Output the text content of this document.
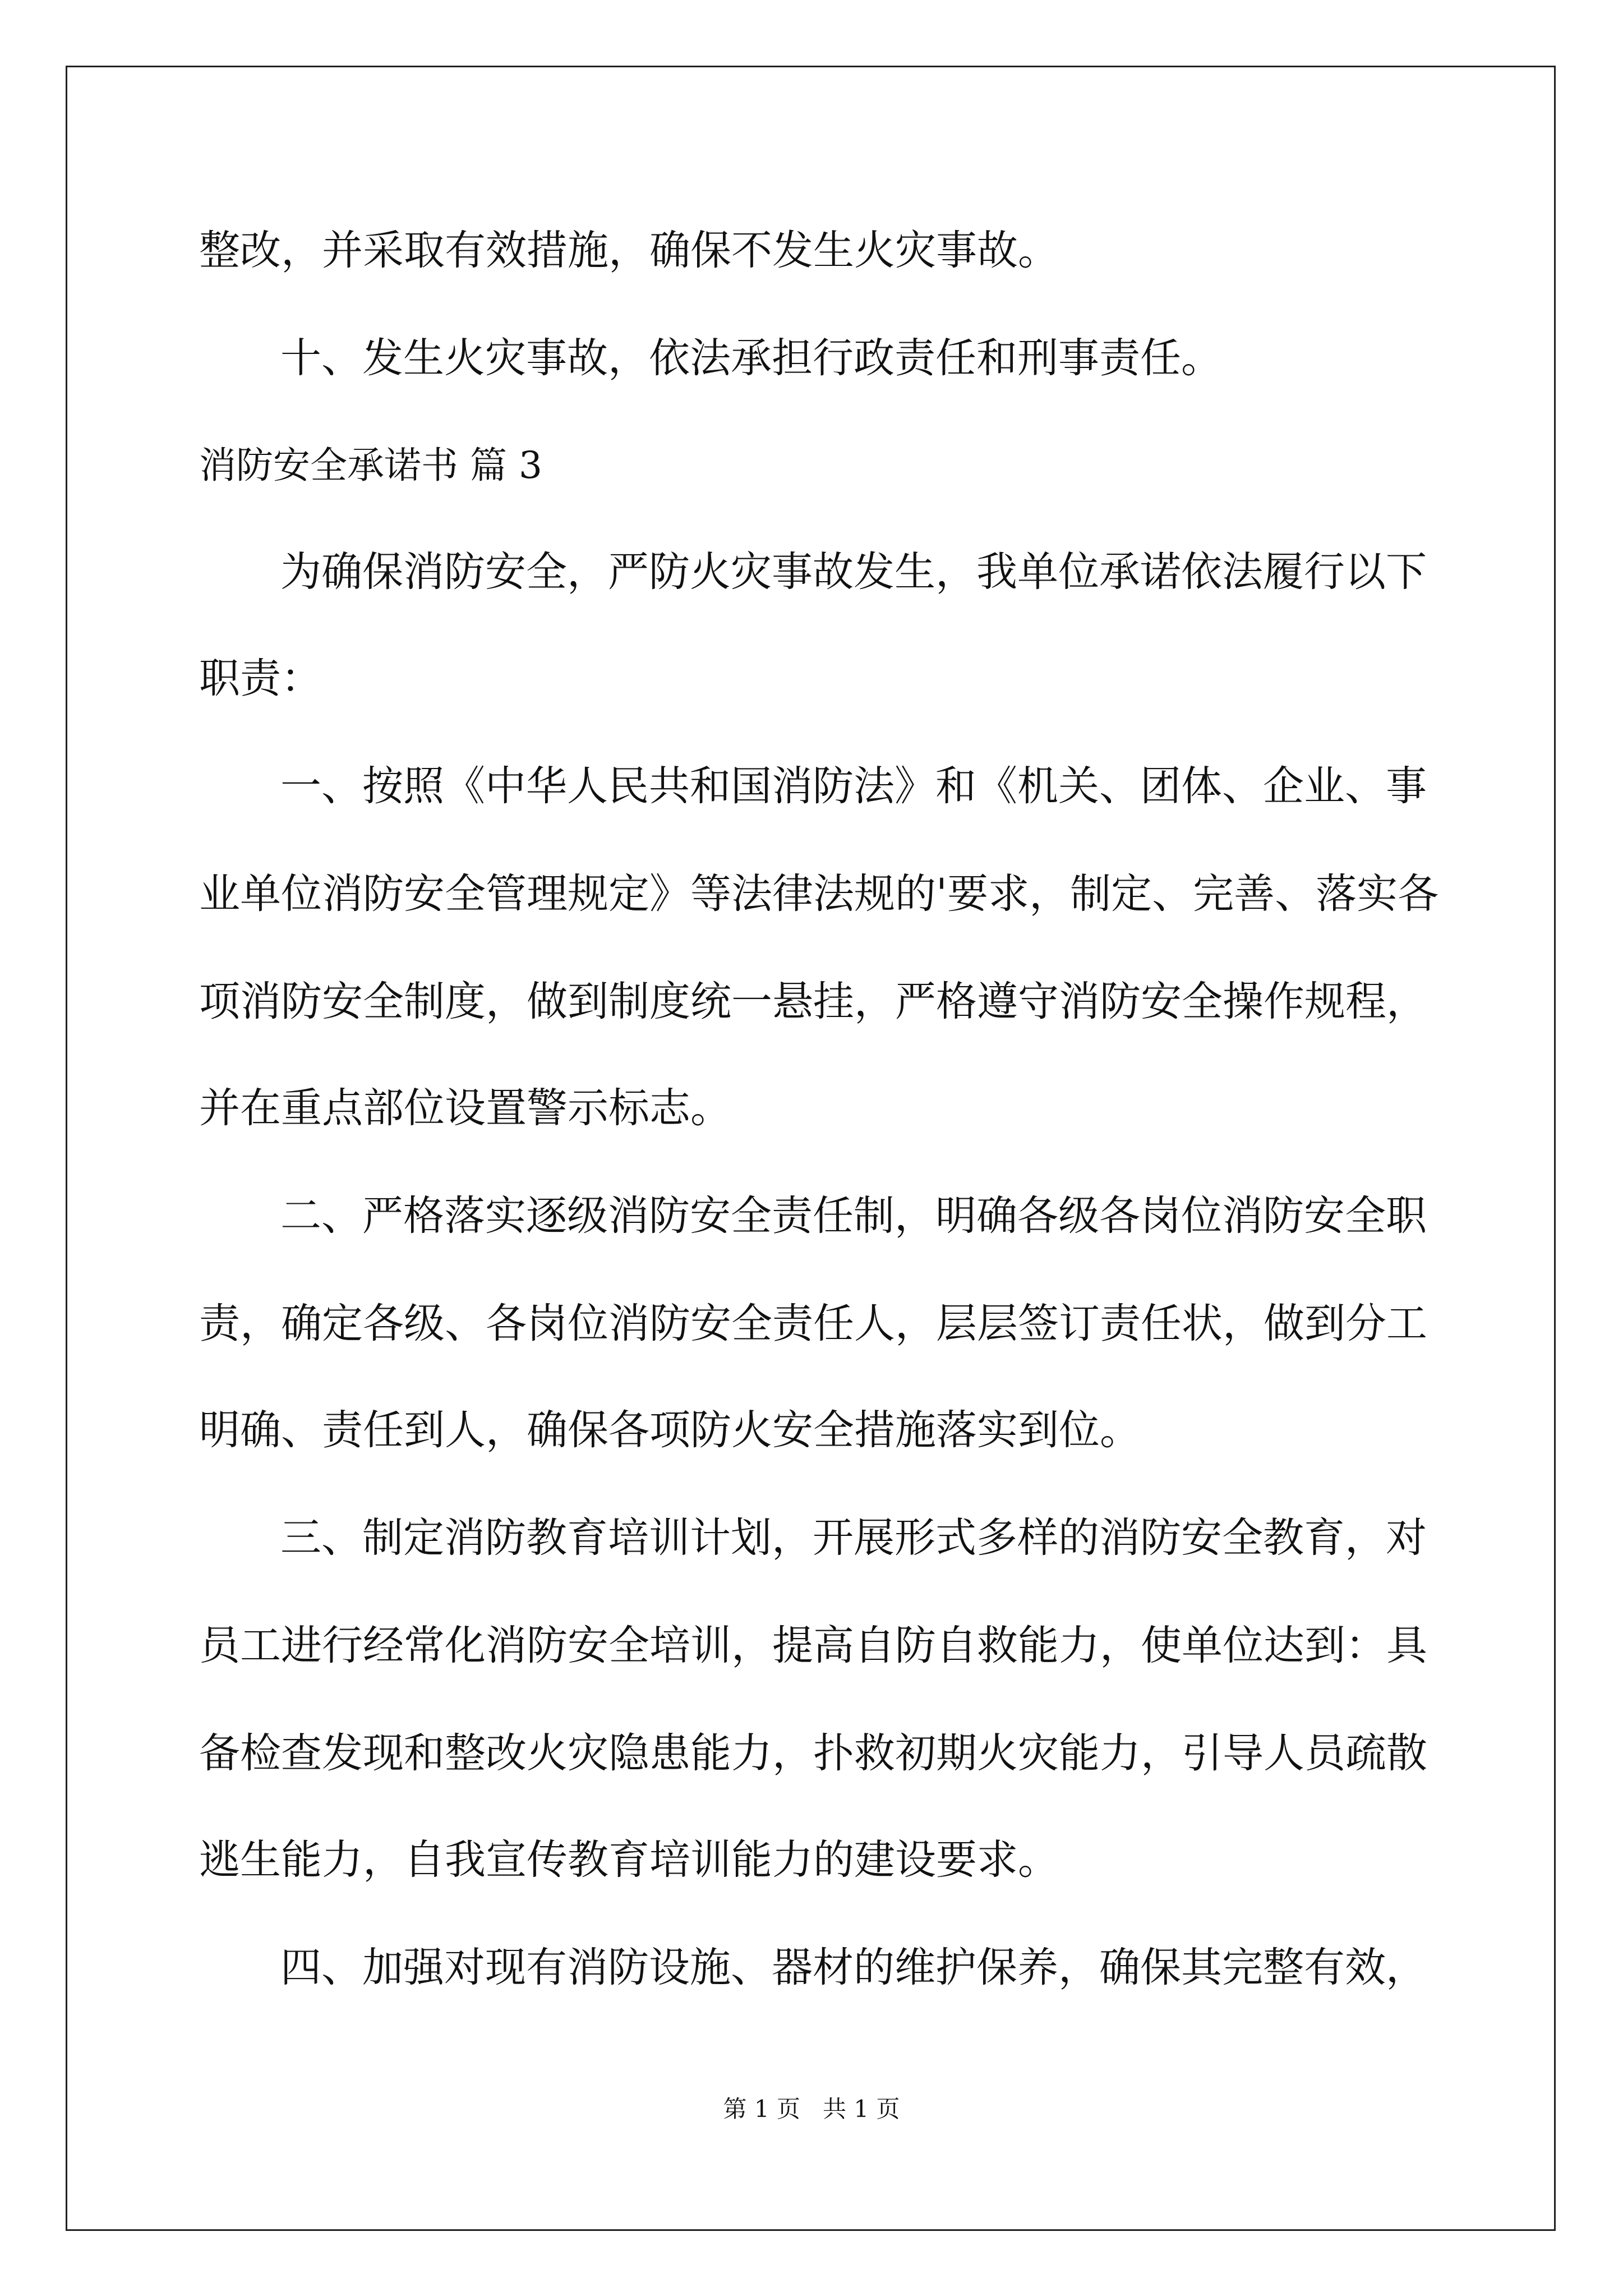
整改，并采取有效措施，确保不发生火灾事故。
十、发生火灾事故，依法承担行政责任和刑事责任。
消防安全承诺书 篇 3
为确保消防安全，严防火灾事故发生，我单位承诺依法履行以下
职责：
一、按照《中华人民共和国消防法》和《机关、团体、企业、事
业单位消防安全管理规定》等法律法规的'要求，制定、完善、落实各
项消防安全制度，做到制度统一悬挂，严格遵守消防安全操作规程，
并在重点部位设置警示标志。
二、严格落实逐级消防安全责任制，明确各级各岗位消防安全职
责，确定各级、各岗位消防安全责任人，层层签订责任状，做到分工
明确、责任到人，确保各项防火安全措施落实到位。
三、制定消防教育培训计划，开展形式多样的消防安全教育，对
员工进行经常化消防安全培训，提高自防自救能力，使单位达到：具
备检查发现和整改火灾隐患能力，扑救初期火灾能力，引导人员疏散
逃生能力，自我宣传教育培训能力的建设要求。
四、加强对现有消防设施、器材的维护保养，确保其完整有效，
第 1 页   共 1 页
